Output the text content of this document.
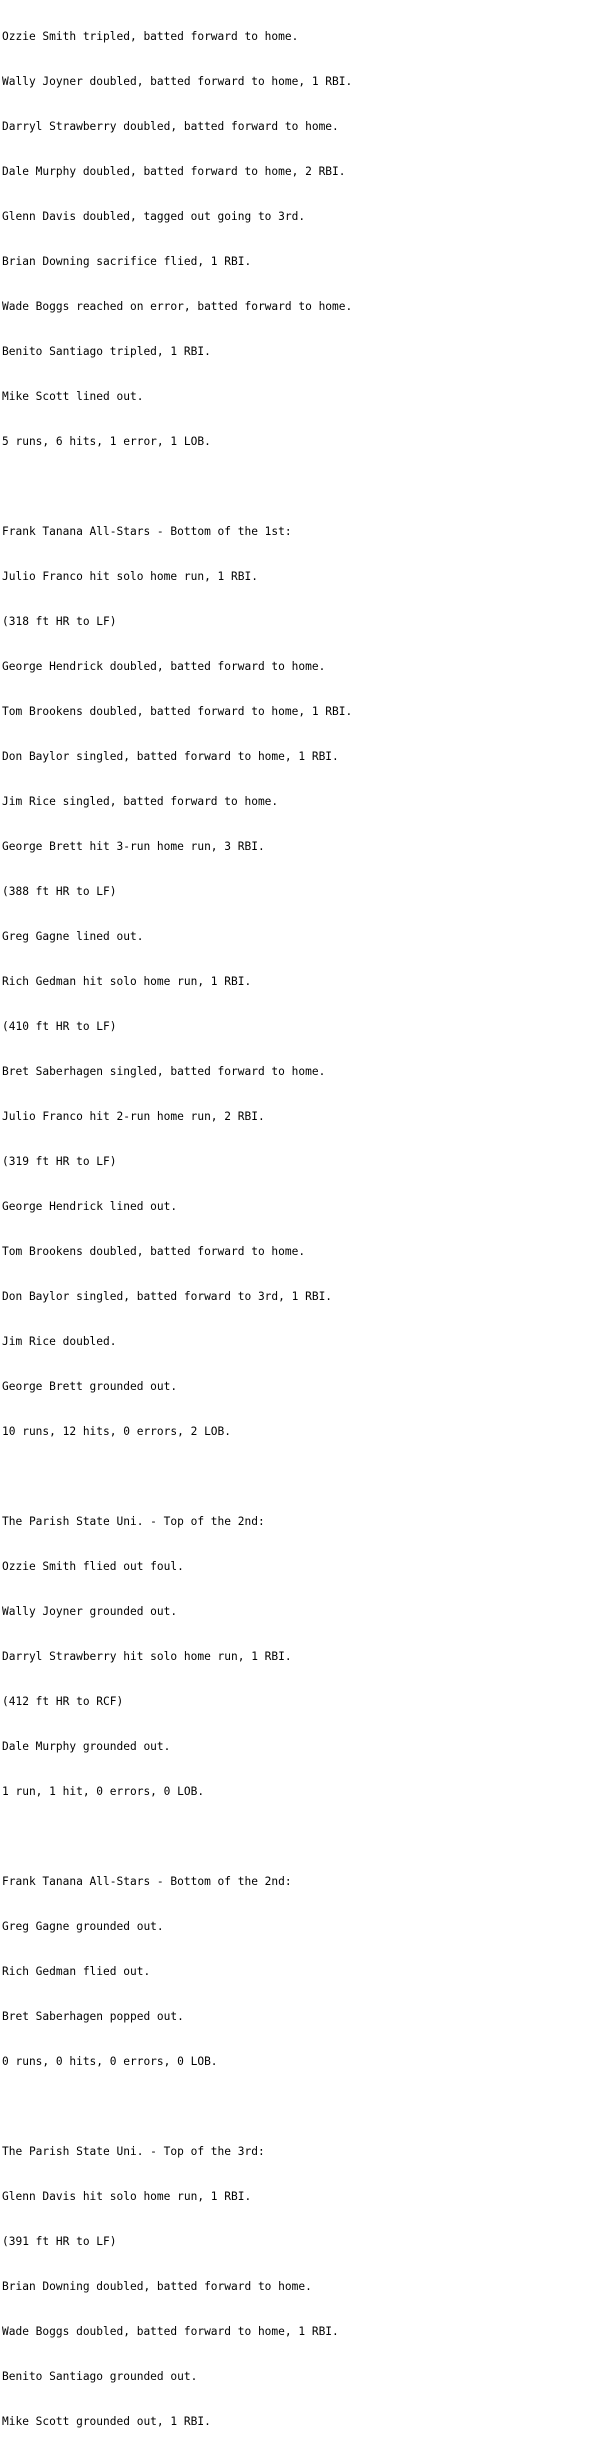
Ozzie Smith tripled, batted forward to home.

Wally Joyner doubled, batted forward to home, 1 RBI.

Darryl Strawberry doubled, batted forward to home.

Dale Murphy doubled, batted forward to home, 2 RBI.

Glenn Davis doubled, tagged out going to 3rd.

Brian Downing sacrifice flied, 1 RBI.

Wade Boggs reached on error, batted forward to home.

Benito Santiago tripled, 1 RBI.

Mike Scott lined out.

5 runs, 6 hits, 1 error, 1 LOB.

Frank Tanana All-Stars - Bottom of the 1st:

Julio Franco hit solo home run, 1 RBI.

(318 ft HR to LF)

George Hendrick doubled, batted forward to home.

Tom Brookens doubled, batted forward to home, 1 RBI.

Don Baylor singled, batted forward to home, 1 RBI.

Jim Rice singled, batted forward to home.

George Brett hit 3-run home run, 3 RBI.

(388 ft HR to LF)

Greg Gagne lined out.

Rich Gedman hit solo home run, 1 RBI.

(410 ft HR to LF)

Bret Saberhagen singled, batted forward to home.

Julio Franco hit 2-run home run, 2 RBI.

(319 ft HR to LF)

George Hendrick lined out.

Tom Brookens doubled, batted forward to home.

Don Baylor singled, batted forward to 3rd, 1 RBI.

Jim Rice doubled.

George Brett grounded out.

10 runs, 12 hits, 0 errors, 2 LOB.

The Parish State Uni. - Top of the 2nd:

Ozzie Smith flied out foul.

Wally Joyner grounded out.

Darryl Strawberry hit solo home run, 1 RBI.

(412 ft HR to RCF)

Dale Murphy grounded out.

1 run, 1 hit, 0 errors, 0 LOB.

Frank Tanana All-Stars - Bottom of the 2nd:

Greg Gagne grounded out.

Rich Gedman flied out.

Bret Saberhagen popped out.

0 runs, 0 hits, 0 errors, 0 LOB.

The Parish State Uni. - Top of the 3rd:

Glenn Davis hit solo home run, 1 RBI.

(391 ft HR to LF)

Brian Downing doubled, batted forward to home.

Wade Boggs doubled, batted forward to home, 1 RBI.

Benito Santiago grounded out.

Mike Scott grounded out, 1 RBI.
